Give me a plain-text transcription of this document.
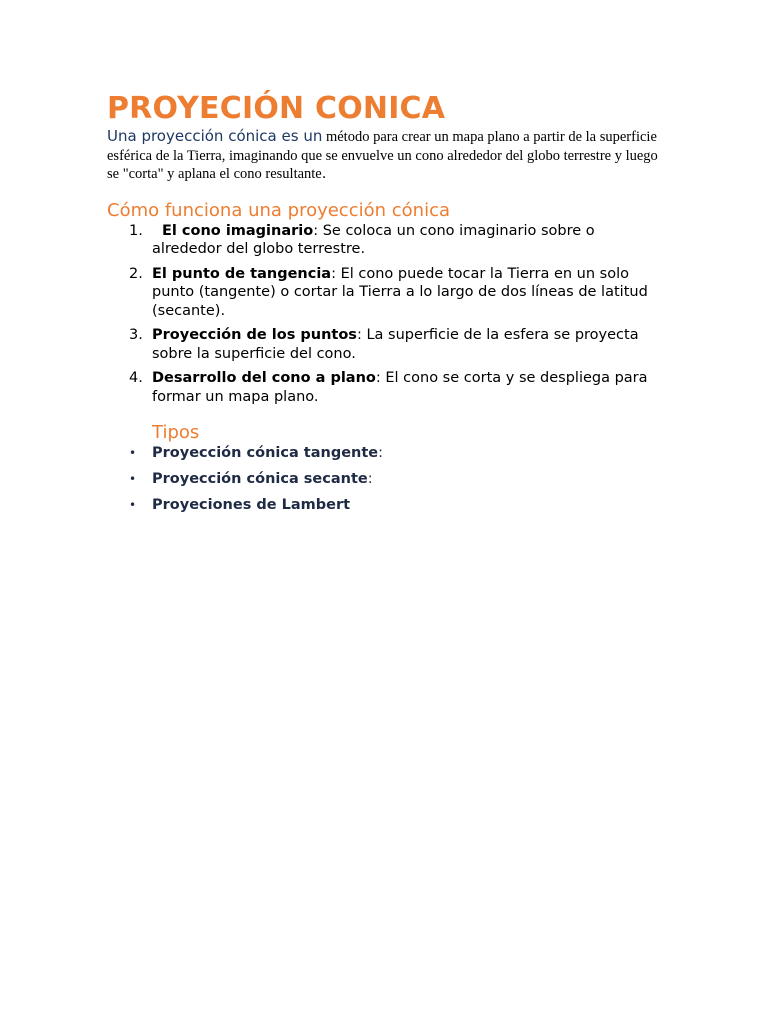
PROYECIÓN CONICA

Una proyección cónica es un método para crear un mapa plano a partir de la superficie esférica de la Tierra, imaginando que se envuelve un cono alrededor del globo terrestre y luego se "corta" y aplana el cono resultante.

Cómo funciona una proyección cónica
1. El cono imaginario: Se coloca un cono imaginario sobre o alrededor del globo terrestre.
2. El punto de tangencia: El cono puede tocar la Tierra en un solo punto (tangente) o cortar la Tierra a lo largo de dos líneas de latitud (secante).
3. Proyección de los puntos: La superficie de la esfera se proyecta sobre la superficie del cono.
4. Desarrollo del cono a plano: El cono se corta y se despliega para formar un mapa plano.
Tipos
• Proyección cónica tangente:
• Proyección cónica secante:
• Proyeciones de Lambert
